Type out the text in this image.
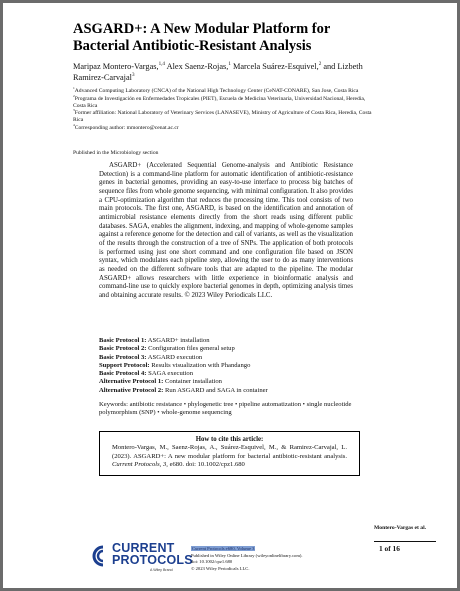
ASGARD+: A New Modular Platform for Bacterial Antibiotic-Resistant Analysis
Maripaz Montero-Vargas,$^{1,4}$ Alex Saenz-Rojas,$^1$ Marcela Suárez-Esquivel,$^2$ and Lizbeth Ramirez-Carvajal$^3$
$^1$Advanced Computing Laboratory (CNCA) of the National High Technology Center (CeNAT-CONARE), San Jose, Costa Rica
$^2$Programa de Investigación en Enfermedades Tropicales (PIET), Escuela de Medicina Veterinaria, Universidad Nacional, Heredia, Costa Rica
$^3$Former affiliation: National Laboratory of Veterinary Services (LANASEVE), Ministry of Agriculture of Costa Rica, Heredia, Costa Rica
$^4$Corresponding author: mmontero@cenat.ac.cr
Published in the Microbiology section
ASGARD+ (Accelerated Sequential Genome-analysis and Antibiotic Resistance Detection) is a command-line platform for automatic identification of antibiotic-resistance genes in bacterial genomes, providing an easy-to-use interface to process big batches of sequence files from whole genome sequencing, with minimal configuration. It also provides a CPU-optimization algorithm that reduces the processing time. This tool consists of two main protocols. The first one, ASGARD, is based on the identification and annotation of antimicrobial resistance elements directly from the short reads using different public databases. SAGA, enables the alignment, indexing, and mapping of whole-genome samples against a reference genome for the detection and call of variants, as well as the visualization of the results through the construction of a tree of SNPs. The application of both protocols is performed using just one short command and one configuration file based on JSON syntax, which modulates each pipeline step, allowing the user to do as many interventions as needed on the different software tools that are adapted to the pipeline. The modular ASGARD+ allows researchers with little experience in bioinformatic analysis and command-line use to quickly explore bacterial genomes in depth, optimizing analysis times and obtaining accurate results. © 2023 Wiley Periodicals LLC.
Basic Protocol 1: ASGARD+ installation
Basic Protocol 2: Configuration files general setup
Basic Protocol 3: ASGARD execution
Support Protocol: Results visualization with Phandango
Basic Protocol 4: SAGA execution
Alternative Protocol 1: Container installation
Alternative Protocol 2: Run ASGARD and SAGA in container
Keywords: antibiotic resistance • phylogenetic tree • pipeline automatization • single nucleotide polymorphism (SNP) • whole-genome sequencing
How to cite this article:
Montero-Vargas, M., Saenz-Rojas, A., Suárez-Esquivel, M., & Ramirez-Carvajal, L. (2023). ASGARD+: A new modular platform for bacterial antibiotic-resistant analysis. Current Protocols, 3, e680. doi: 10.1002/cpz1.680
Montero-Vargas et al.
1 of 16
CURRENT
PROTOCOLS
A Wiley Brand
Current Protocols e680, Volume 3
Published in Wiley Online Library (wileyonlinelibrary.com).
doi: 10.1002/cpz1.680
© 2023 Wiley Periodicals LLC.
